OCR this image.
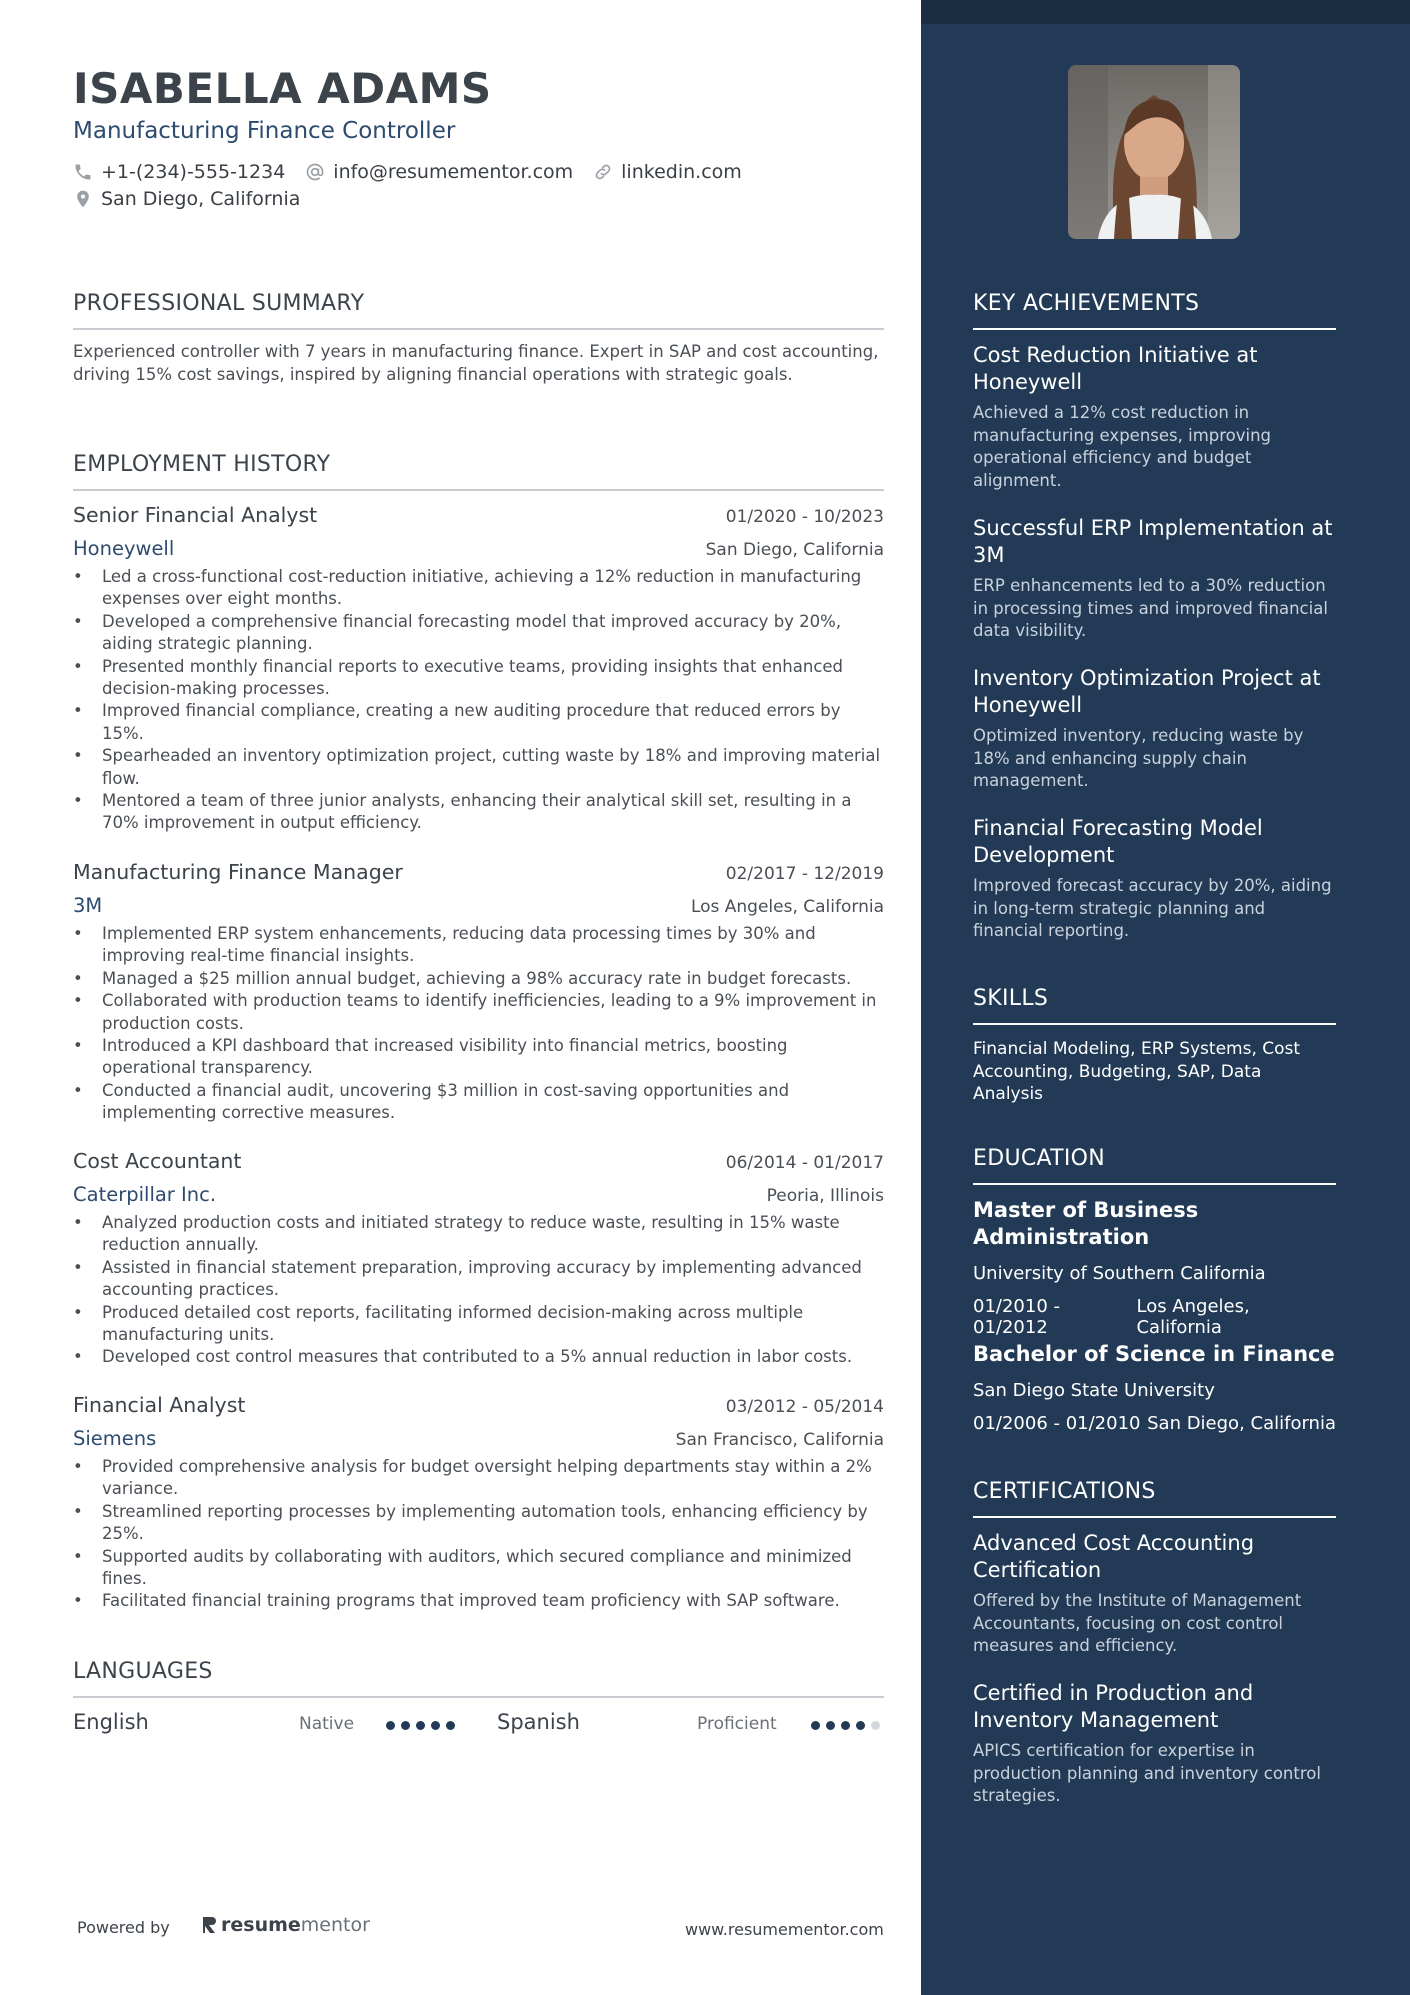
ISABELLA ADAMS
Manufacturing Finance Controller
+1-(234)-555-1234	info@resumementor.com	linkedin.com
San Diego, California
PROFESSIONAL SUMMARY
Experienced controller with 7 years in manufacturing finance. Expert in SAP and cost accounting, driving 15% cost savings, inspired by aligning financial operations with strategic goals.
EMPLOYMENT HISTORY
Senior Financial Analyst	01/2020 - 10/2023
Honeywell	San Diego, California
• Led a cross-functional cost-reduction initiative, achieving a 12% reduction in manufacturing expenses over eight months.
• Developed a comprehensive financial forecasting model that improved accuracy by 20%, aiding strategic planning.
• Presented monthly financial reports to executive teams, providing insights that enhanced decision-making processes.
• Improved financial compliance, creating a new auditing procedure that reduced errors by 15%.
• Spearheaded an inventory optimization project, cutting waste by 18% and improving material flow.
• Mentored a team of three junior analysts, enhancing their analytical skill set, resulting in a 70% improvement in output efficiency.
Manufacturing Finance Manager	02/2017 - 12/2019
3M	Los Angeles, California
• Implemented ERP system enhancements, reducing data processing times by 30% and improving real-time financial insights.
• Managed a $25 million annual budget, achieving a 98% accuracy rate in budget forecasts.
• Collaborated with production teams to identify inefficiencies, leading to a 9% improvement in production costs.
• Introduced a KPI dashboard that increased visibility into financial metrics, boosting operational transparency.
• Conducted a financial audit, uncovering $3 million in cost-saving opportunities and implementing corrective measures.
Cost Accountant	06/2014 - 01/2017
Caterpillar Inc.	Peoria, Illinois
• Analyzed production costs and initiated strategy to reduce waste, resulting in 15% waste reduction annually.
• Assisted in financial statement preparation, improving accuracy by implementing advanced accounting practices.
• Produced detailed cost reports, facilitating informed decision-making across multiple manufacturing units.
• Developed cost control measures that contributed to a 5% annual reduction in labor costs.
Financial Analyst	03/2012 - 05/2014
Siemens	San Francisco, California
• Provided comprehensive analysis for budget oversight helping departments stay within a 2% variance.
• Streamlined reporting processes by implementing automation tools, enhancing efficiency by 25%.
• Supported audits by collaborating with auditors, which secured compliance and minimized fines.
• Facilitated financial training programs that improved team proficiency with SAP software.
LANGUAGES
English	Native	Spanish	Proficient
Powered by	resume mentor	www.resumementor.com
KEY ACHIEVEMENTS
Cost Reduction Initiative at Honeywell
Achieved a 12% cost reduction in manufacturing expenses, improving operational efficiency and budget alignment.
Successful ERP Implementation at 3M
ERP enhancements led to a 30% reduction in processing times and improved financial data visibility.
Inventory Optimization Project at Honeywell
Optimized inventory, reducing waste by 18% and enhancing supply chain management.
Financial Forecasting Model Development
Improved forecast accuracy by 20%, aiding in long-term strategic planning and financial reporting.
SKILLS
Financial Modeling, ERP Systems, Cost Accounting, Budgeting, SAP, Data Analysis
EDUCATION
Master of Business Administration
University of Southern California
01/2010 - 01/2012
Los Angeles, California
Bachelor of Science in Finance
San Diego State University
01/2006 - 01/2010 San Diego, California
CERTIFICATIONS
Advanced Cost Accounting Certification
Offered by the Institute of Management Accountants, focusing on cost control measures and efficiency.
Certified in Production and Inventory Management
APICS certification for expertise in production planning and inventory control strategies.
